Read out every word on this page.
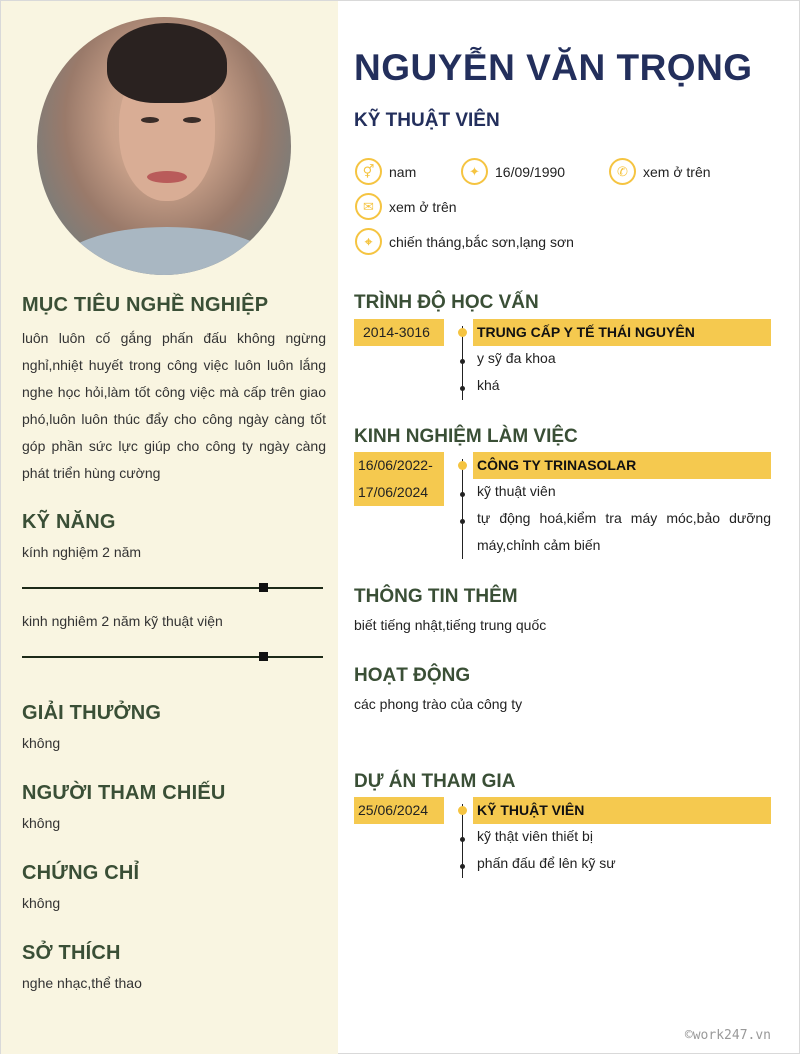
MỤC TIÊU NGHỀ NGHIỆP
luôn luôn cố gắng phấn đấu không ngừng nghỉ,nhiệt huyết trong công việc luôn luôn lắng nghe học hỏi,làm tốt công việc mà cấp trên giao phó,luôn luôn thúc đẩy cho công ngày càng tốt góp phần sức lực giúp cho công ty ngày càng phát triển hùng cường
KỸ NĂNG
kính nghiệm 2 năm
kinh nghiêm 2 năm kỹ thuật viện
GIẢI THƯỞNG
không
NGƯỜI THAM CHIẾU
không
CHỨNG CHỈ
không
SỞ THÍCH
nghe nhạc,thể thao
NGUYỄN VĂN TRỌNG
KỸ THUẬT VIÊN
⚥	nam	✦	16/09/1990	✆	xem ở trên
✉	xem ở trên
⌖	chiến tháng,bắc sơn,lạng sơn
TRÌNH ĐỘ HỌC VẤN
2014-3016	TRUNG CẤP Y TẾ THÁI NGUYÊN
y sỹ đa khoa
khá
KINH NGHIỆM LÀM VIỆC
16/06/2022-
17/06/2024
CÔNG TY TRINASOLAR
kỹ thuật viên
tự động hoá,kiểm tra máy móc,bảo dưỡng máy,chỉnh cảm biến
THÔNG TIN THÊM
biết tiếng nhật,tiếng trung quốc
HOẠT ĐỘNG
các phong trào của công ty
DỰ ÁN THAM GIA
25/06/2024	KỸ THUẬT VIÊN
kỹ thật viên thiết bị
phấn đấu để lên kỹ sư
©work247.vn
